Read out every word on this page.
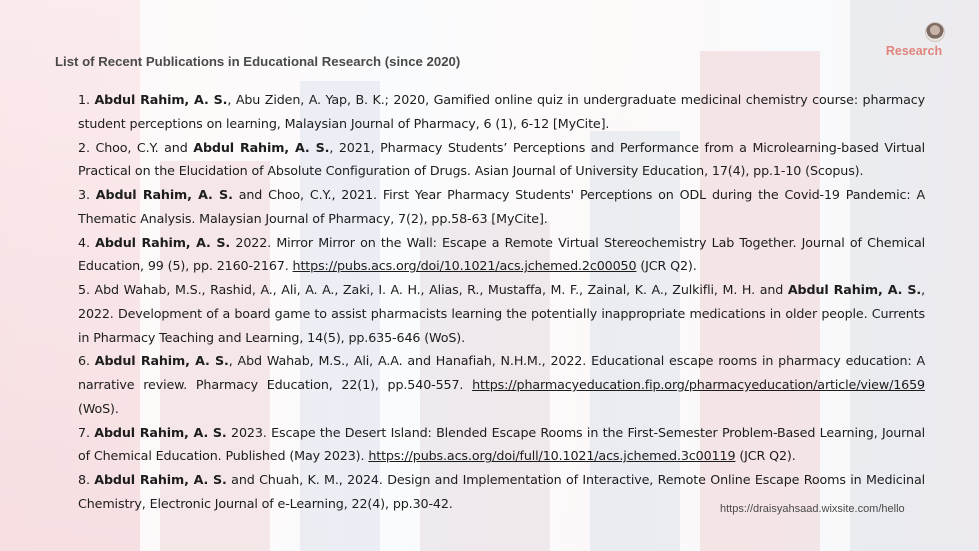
List of Recent Publications in Educational Research (since 2020)
Research
1. Abdul Rahim, A. S., Abu Ziden, A. Yap, B. K.; 2020, Gamified online quiz in undergraduate medicinal chemistry course: pharmacy student perceptions on learning, Malaysian Journal of Pharmacy, 6 (1), 6-12 [MyCite].
2. Choo, C.Y. and Abdul Rahim, A. S., 2021, Pharmacy Students’ Perceptions and Performance from a Microlearning-based Virtual Practical on the Elucidation of Absolute Configuration of Drugs. Asian Journal of University Education, 17(4), pp.1-10 (Scopus).
3. Abdul Rahim, A. S. and Choo, C.Y., 2021. First Year Pharmacy Students' Perceptions on ODL during the Covid-19 Pandemic: A Thematic Analysis. Malaysian Journal of Pharmacy, 7(2), pp.58-63 [MyCite].
4. Abdul Rahim, A. S. 2022. Mirror Mirror on the Wall: Escape a Remote Virtual Stereochemistry Lab Together. Journal of Chemical Education, 99 (5), pp. 2160-2167. https://pubs.acs.org/doi/10.1021/acs.jchemed.2c00050 (JCR Q2).
5. Abd Wahab, M.S., Rashid, A., Ali, A. A., Zaki, I. A. H., Alias, R., Mustaffa, M. F., Zainal, K. A., Zulkifli, M. H. and Abdul Rahim, A. S., 2022. Development of a board game to assist pharmacists learning the potentially inappropriate medications in older people. Currents in Pharmacy Teaching and Learning, 14(5), pp.635-646 (WoS).
6. Abdul Rahim, A. S., Abd Wahab, M.S., Ali, A.A. and Hanafiah, N.H.M., 2022. Educational escape rooms in pharmacy education: A narrative review. Pharmacy Education, 22(1), pp.540-557. https://pharmacyeducation.fip.org/pharmacyeducation/article/view/1659 (WoS).
7. Abdul Rahim, A. S. 2023. Escape the Desert Island: Blended Escape Rooms in the First-Semester Problem-Based Learning, Journal of Chemical Education. Published (May 2023). https://pubs.acs.org/doi/full/10.1021/acs.jchemed.3c00119 (JCR Q2).
8. Abdul Rahim, A. S. and Chuah, K. M., 2024. Design and Implementation of Interactive, Remote Online Escape Rooms in Medicinal Chemistry, Electronic Journal of e-Learning, 22(4), pp.30-42.	https://draisyahsaad.wixsite.com/hello
